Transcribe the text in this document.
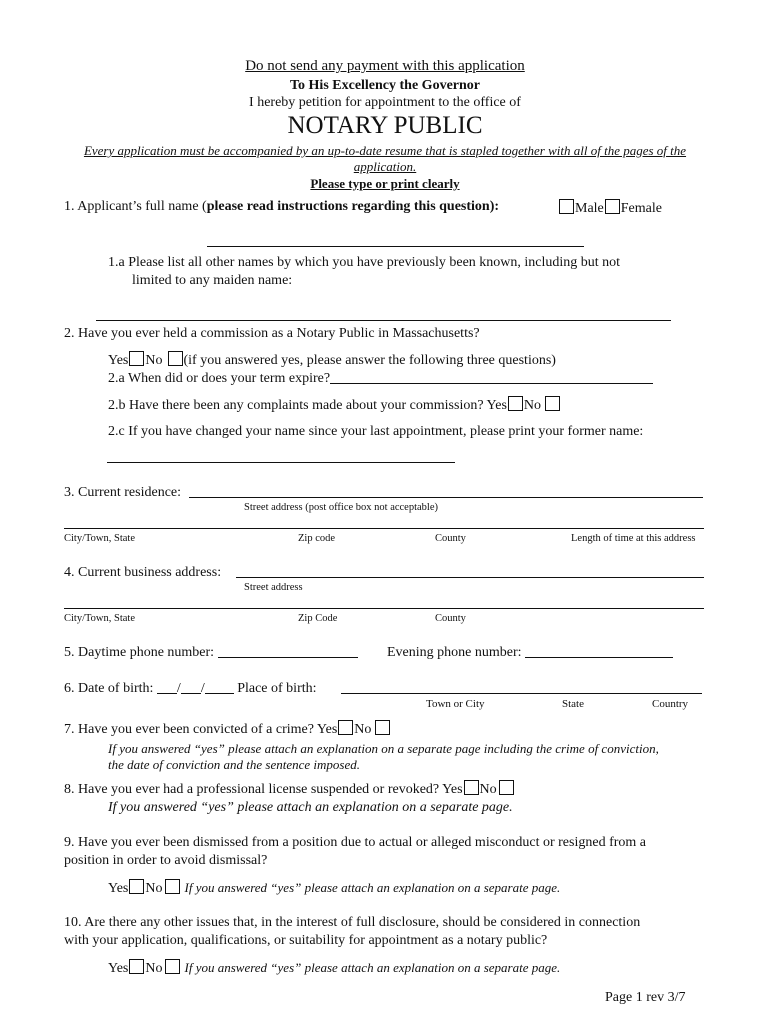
Do not send any payment with this application
To His Excellency the Governor
I hereby petition for appointment to the office of
NOTARY PUBLIC
Every application must be accompanied by an up-to-date resume that is stapled together with all of the pages of the
application.
Please type or print clearly
1. Applicant’s full name (please read instructions regarding this question):	Male Female
1.a Please list all other names by which you have previously been known, including but not
limited to any maiden name:
2. Have you ever held a commission as a Notary Public in Massachusetts?
Yes No (if you answered yes, please answer the following three questions)
2.a When did or does your term expire?
2.b Have there been any complaints made about your commission? Yes No
2.c If you have changed your name since your last appointment, please print your former name:
3. Current residence:
Street address (post office box not acceptable)
City/Town, State	Zip code	County	Length of time at this address
4. Current business address:
Street address
City/Town, State	Zip Code	County
5. Daytime phone number:	Evening phone number:
6. Date of birth: / / Place of birth:
Town or City	State	Country
7. Have you ever been convicted of a crime? Yes No
If you answered “yes” please attach an explanation on a separate page including the crime of conviction,
the date of conviction and the sentence imposed.
8. Have you ever had a professional license suspended or revoked? Yes No
If you answered “yes” please attach an explanation on a separate page.
9. Have you ever been dismissed from a position due to actual or alleged misconduct or resigned from a
position in order to avoid dismissal?
Yes No If you answered “yes” please attach an explanation on a separate page.
10. Are there any other issues that, in the interest of full disclosure, should be considered in connection
with your application, qualifications, or suitability for appointment as a notary public?
Yes No If you answered “yes” please attach an explanation on a separate page.
Page 1 rev 3/7
